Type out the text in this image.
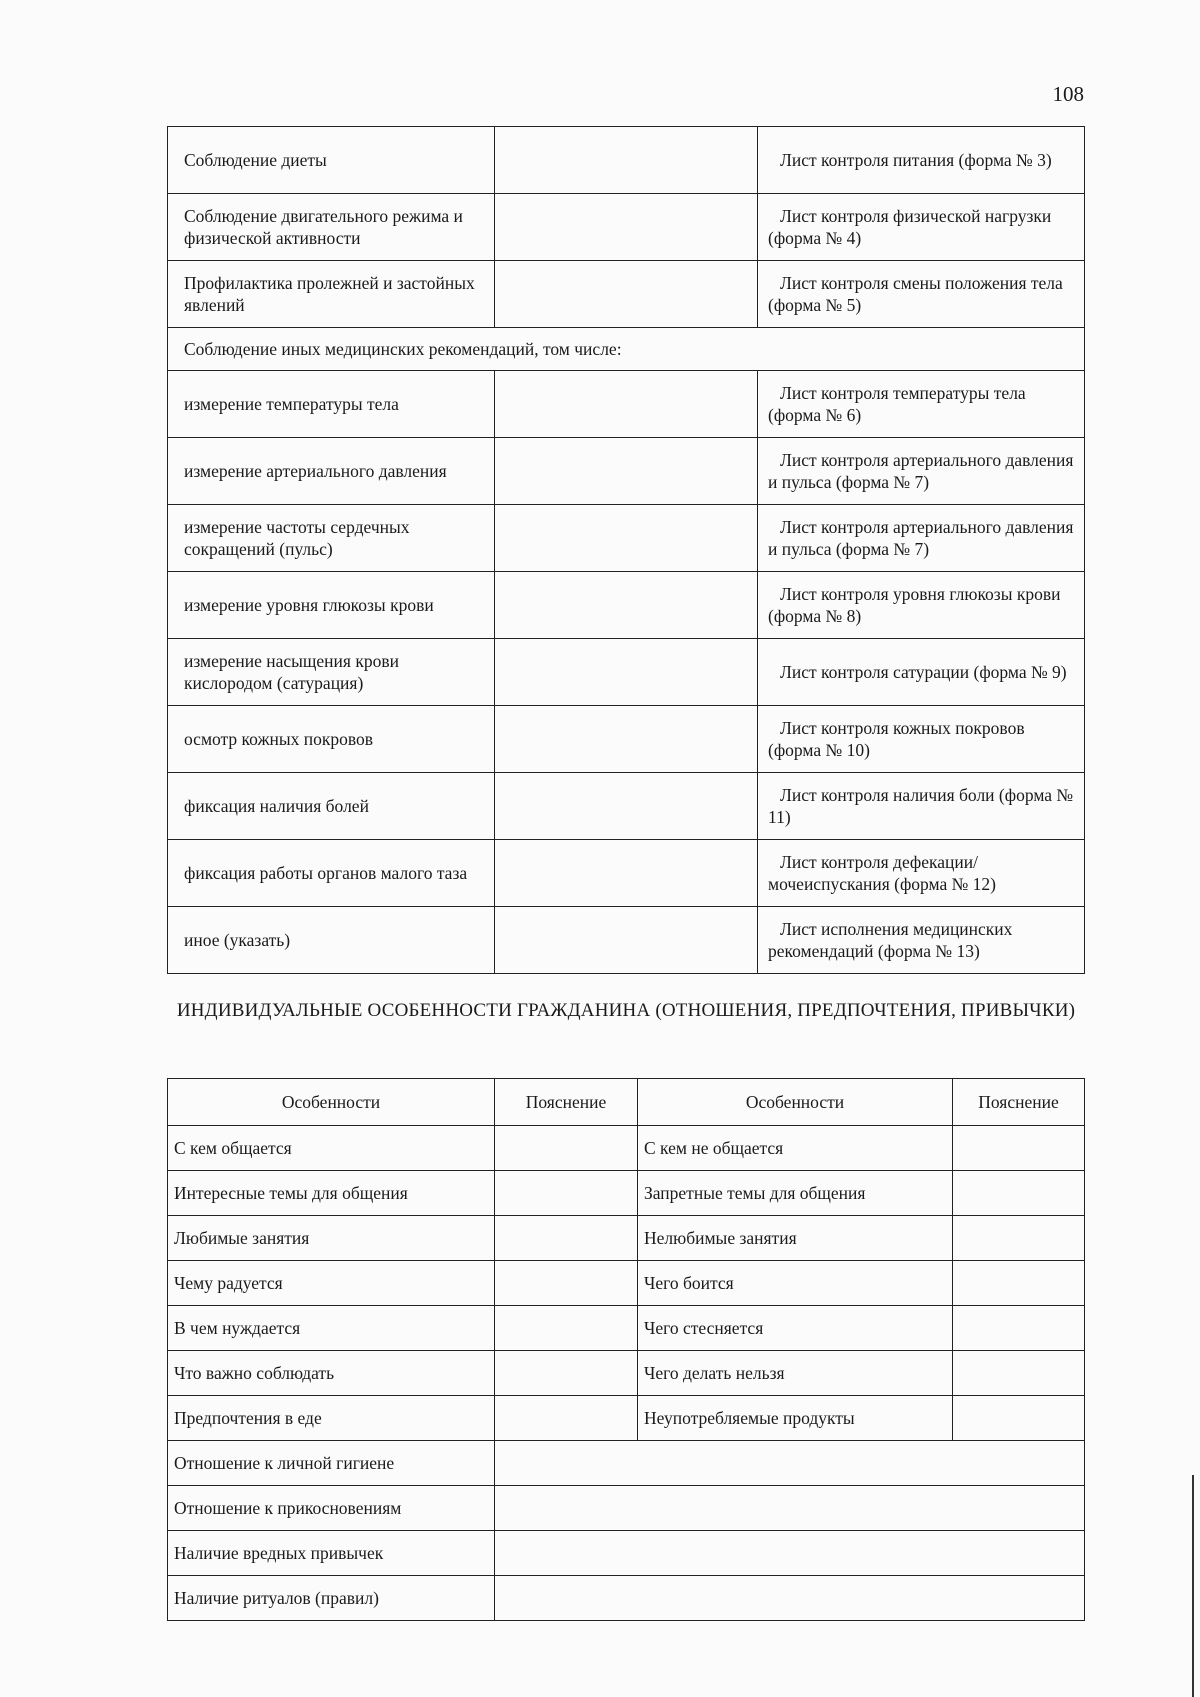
108
Соблюдение диеты		Лист контроля питания (форма № 3)
Соблюдение двигательного режима и физической активности		Лист контроля физической нагрузки (форма № 4)
Профилактика пролежней и застойных явлений		Лист контроля смены положения тела (форма № 5)
Соблюдение иных медицинских рекомендаций, том числе:		
измерение температуры тела		Лист контроля температуры тела (форма № 6)
измерение артериального давления		Лист контроля артериального давления и пульса (форма № 7)
измерение частоты сердечных сокращений (пульс)		Лист контроля артериального давления и пульса (форма № 7)
измерение уровня глюкозы крови		Лист контроля уровня глюкозы крови (форма № 8)
измерение насыщения крови кислородом (сатурация)		Лист контроля сатурации (форма № 9)
осмотр кожных покровов		Лист контроля кожных покровов (форма № 10)
фиксация наличия болей		Лист контроля наличия боли (форма № 11)
фиксация работы органов малого таза		Лист контроля дефекации/мочеиспускания (форма № 12)
иное (указать)		Лист исполнения медицинских рекомендаций (форма № 13)
ИНДИВИДУАЛЬНЫЕ ОСОБЕННОСТИ ГРАЖДАНИНА (ОТНОШЕНИЯ, ПРЕДПОЧТЕНИЯ, ПРИВЫЧКИ)
Особенности	Пояснение	Особенности	Пояснение
С кем общается		С кем не общается	
Интересные темы для общения		Запретные темы для общения	
Любимые занятия		Нелюбимые занятия	
Чему радуется		Чего боится	
В чем нуждается		Чего стесняется	
Что важно соблюдать		Чего делать нельзя	
Предпочтения в еде		Неупотребляемые продукты	
Отношение к личной гигиене			
Отношение к прикосновениям			
Наличие вредных привычек			
Наличие ритуалов (правил)			
